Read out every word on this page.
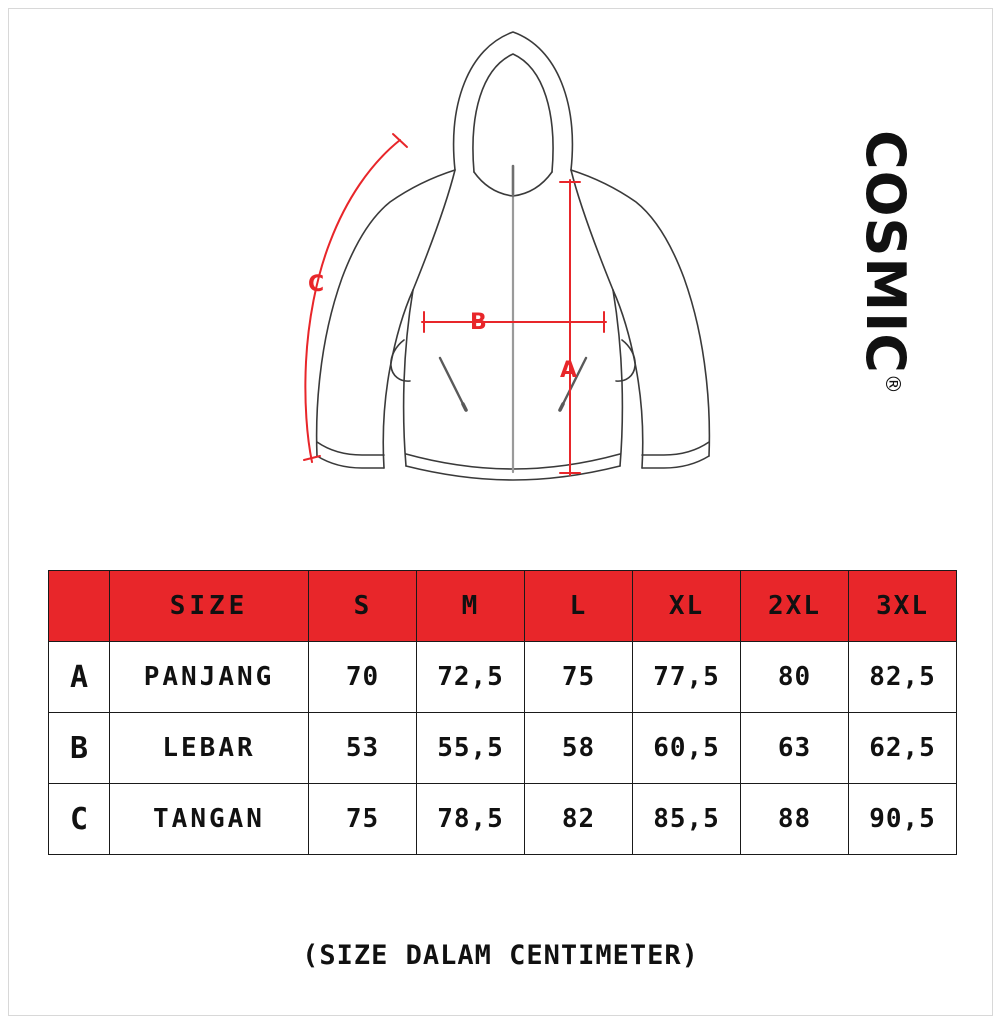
B
A
C	COSMIC®
	SIZE	S	M	L	XL	2XL	3XL
A	PANJANG	70	72,5	75	77,5	80	82,5
B	LEBAR	53	55,5	58	60,5	63	62,5
C	TANGAN	75	78,5	82	85,5	88	90,5
(SIZE DALAM CENTIMETER)
